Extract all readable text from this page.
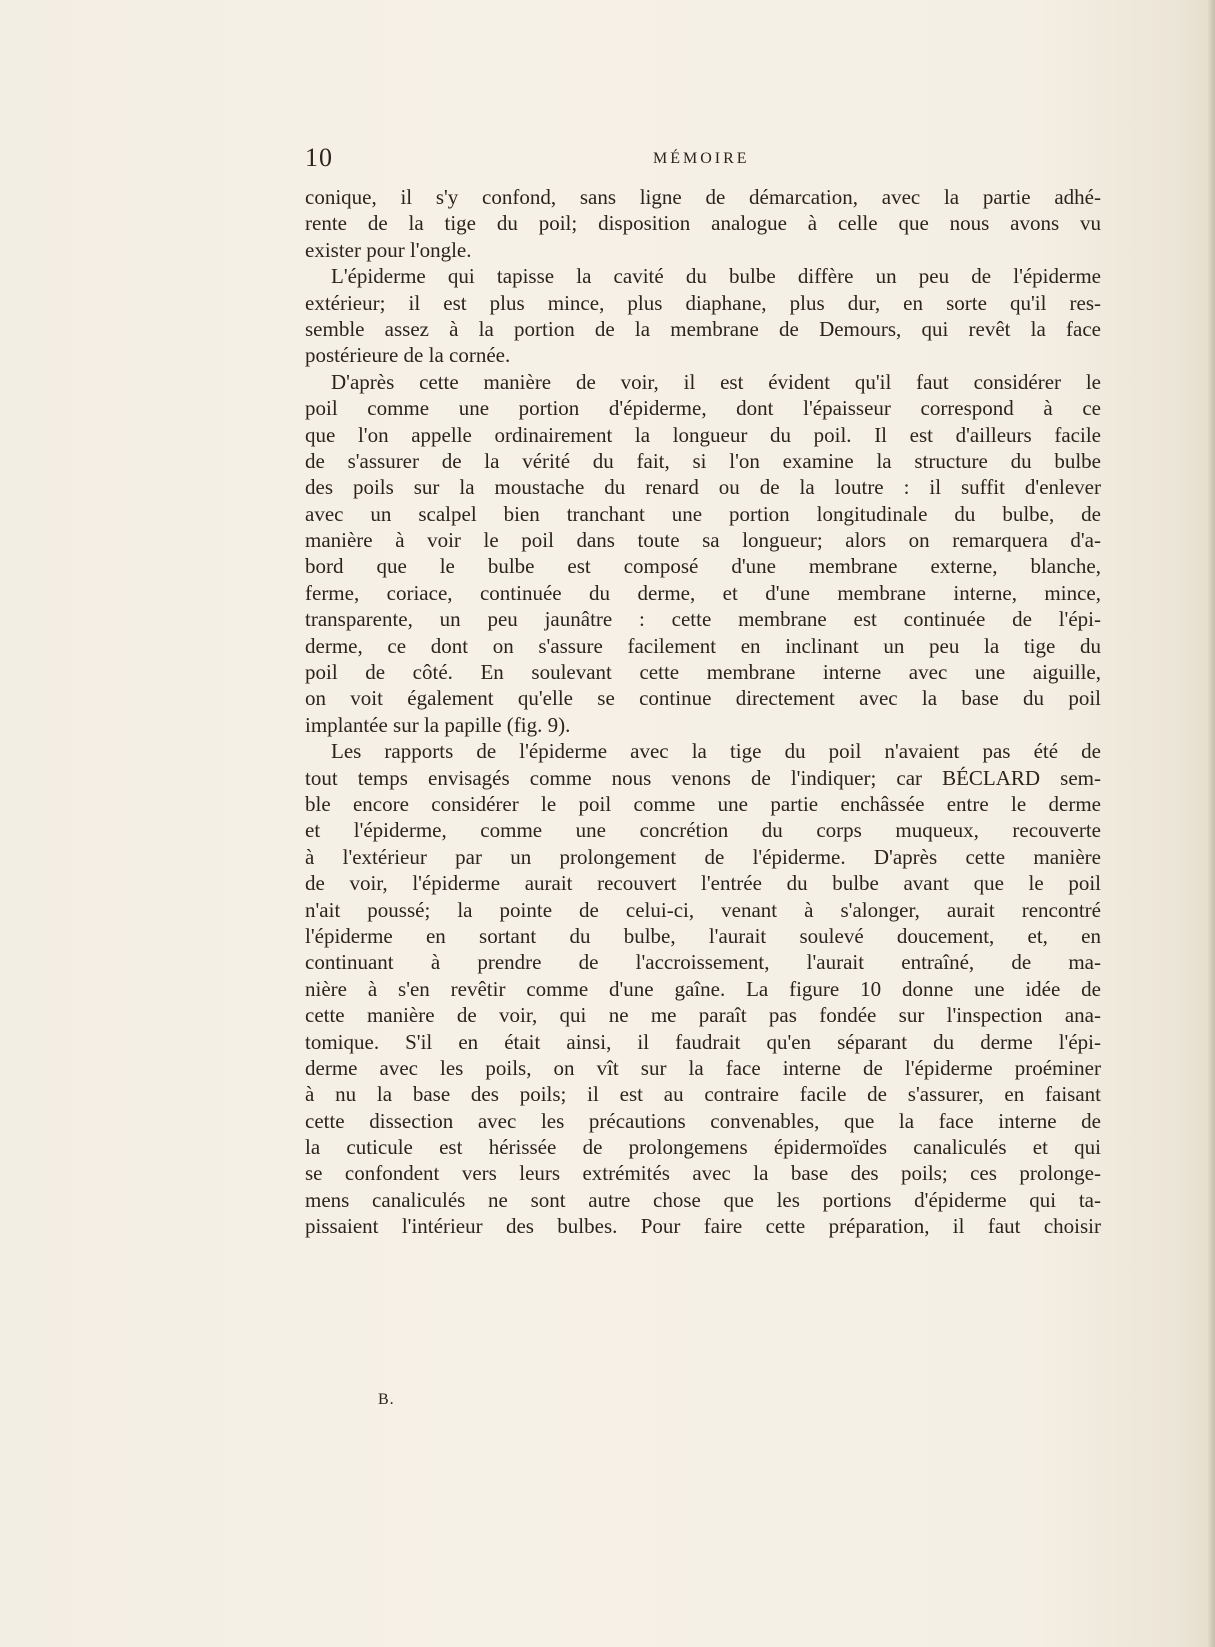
10	MÉMOIRE
conique, il s'y confond, sans ligne de démarcation, avec la partie adhé-
rente de la tige du poil; disposition analogue à celle que nous avons vu
exister pour l'ongle.
L'épiderme qui tapisse la cavité du bulbe diffère un peu de l'épiderme
extérieur; il est plus mince, plus diaphane, plus dur, en sorte qu'il res-
semble assez à la portion de la membrane de Demours, qui revêt la face
postérieure de la cornée.
D'après cette manière de voir, il est évident qu'il faut considérer le
poil comme une portion d'épiderme, dont l'épaisseur correspond à ce
que l'on appelle ordinairement la longueur du poil. Il est d'ailleurs facile
de s'assurer de la vérité du fait, si l'on examine la structure du bulbe
des poils sur la moustache du renard ou de la loutre : il suffit d'enlever
avec un scalpel bien tranchant une portion longitudinale du bulbe, de
manière à voir le poil dans toute sa longueur; alors on remarquera d'a-
bord que le bulbe est composé d'une membrane externe, blanche,
ferme, coriace, continuée du derme, et d'une membrane interne, mince,
transparente, un peu jaunâtre : cette membrane est continuée de l'épi-
derme, ce dont on s'assure facilement en inclinant un peu la tige du
poil de côté. En soulevant cette membrane interne avec une aiguille,
on voit également qu'elle se continue directement avec la base du poil
implantée sur la papille (fig. 9).
Les rapports de l'épiderme avec la tige du poil n'avaient pas été de
tout temps envisagés comme nous venons de l'indiquer; car BÉCLARD sem-
ble encore considérer le poil comme une partie enchâssée entre le derme
et l'épiderme, comme une concrétion du corps muqueux, recouverte
à l'extérieur par un prolongement de l'épiderme. D'après cette manière
de voir, l'épiderme aurait recouvert l'entrée du bulbe avant que le poil
n'ait poussé; la pointe de celui-ci, venant à s'alonger, aurait rencontré
l'épiderme en sortant du bulbe, l'aurait soulevé doucement, et, en
continuant à prendre de l'accroissement, l'aurait entraîné, de ma-
nière à s'en revêtir comme d'une gaîne. La figure 10 donne une idée de
cette manière de voir, qui ne me paraît pas fondée sur l'inspection ana-
tomique. S'il en était ainsi, il faudrait qu'en séparant du derme l'épi-
derme avec les poils, on vît sur la face interne de l'épiderme proéminer
à nu la base des poils; il est au contraire facile de s'assurer, en faisant
cette dissection avec les précautions convenables, que la face interne de
la cuticule est hérissée de prolongemens épidermoïdes canaliculés et qui
se confondent vers leurs extrémités avec la base des poils; ces prolonge-
mens canaliculés ne sont autre chose que les portions d'épiderme qui ta-
pissaient l'intérieur des bulbes. Pour faire cette préparation, il faut choisir
B.
